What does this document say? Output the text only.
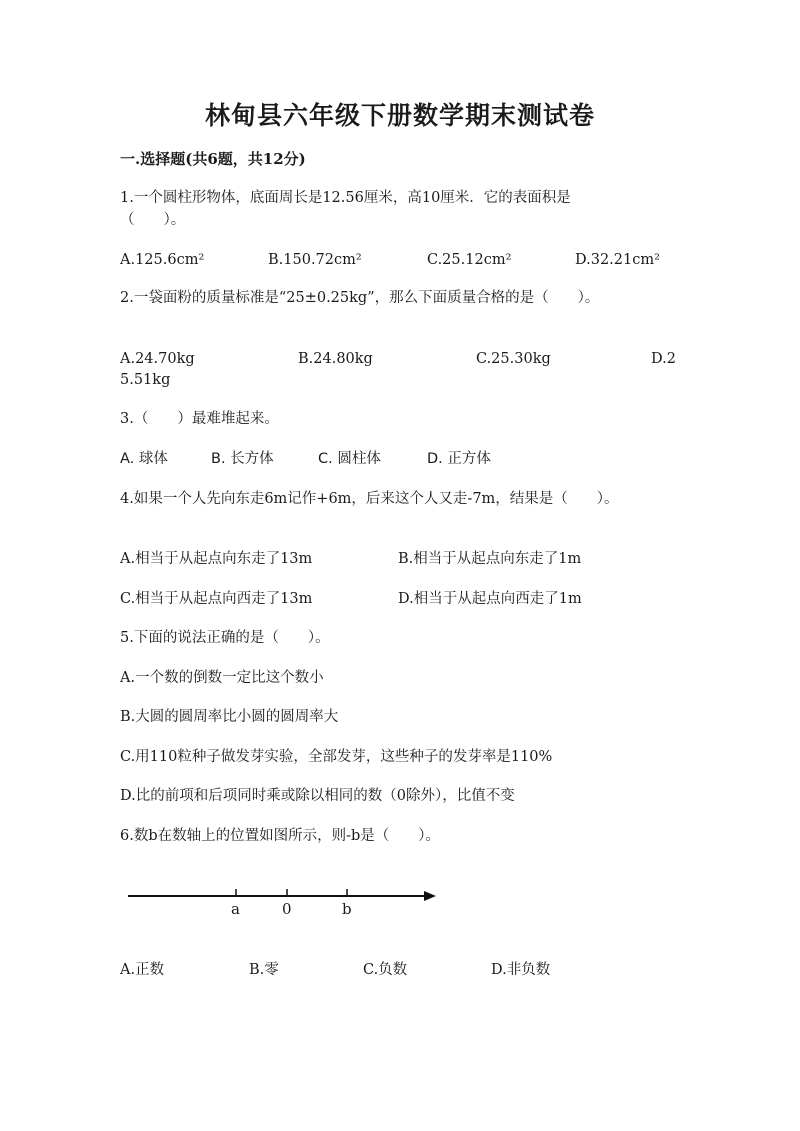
林甸县六年级下册数学期末测试卷
一.选择题(共6题，共12分)
1.一个圆柱形物体，底面周长是12.56厘米，高10厘米．它的表面积是
（　　）。
A.125.6cm²	B.150.72cm²	C.25.12cm²	D.32.21cm²
2.一袋面粉的质量标准是“25±0.25kg”，那么下面质量合格的是（　　）。
A.24.70kg	B.24.80kg	C.25.30kg	D.2
5.51kg
3.（　　）最难堆起来。
A. 球体	B. 长方体	C. 圆柱体	D. 正方体
4.如果一个人先向东走6m记作+6m，后来这个人又走-7m，结果是（　　）。
A.相当于从起点向东走了13m	B.相当于从起点向东走了1m
C.相当于从起点向西走了13m	D.相当于从起点向西走了1m
5.下面的说法正确的是（　　）。
A.一个数的倒数一定比这个数小
B.大圆的圆周率比小圆的圆周率大
C.用110粒种子做发芽实验，全部发芽，这些种子的发芽率是110%
D.比的前项和后项同时乘或除以相同的数（0除外），比值不变
6.数b在数轴上的位置如图所示，则-b是（　　）。
a	0	b
A.正数	B.零	C.负数	D.非负数
